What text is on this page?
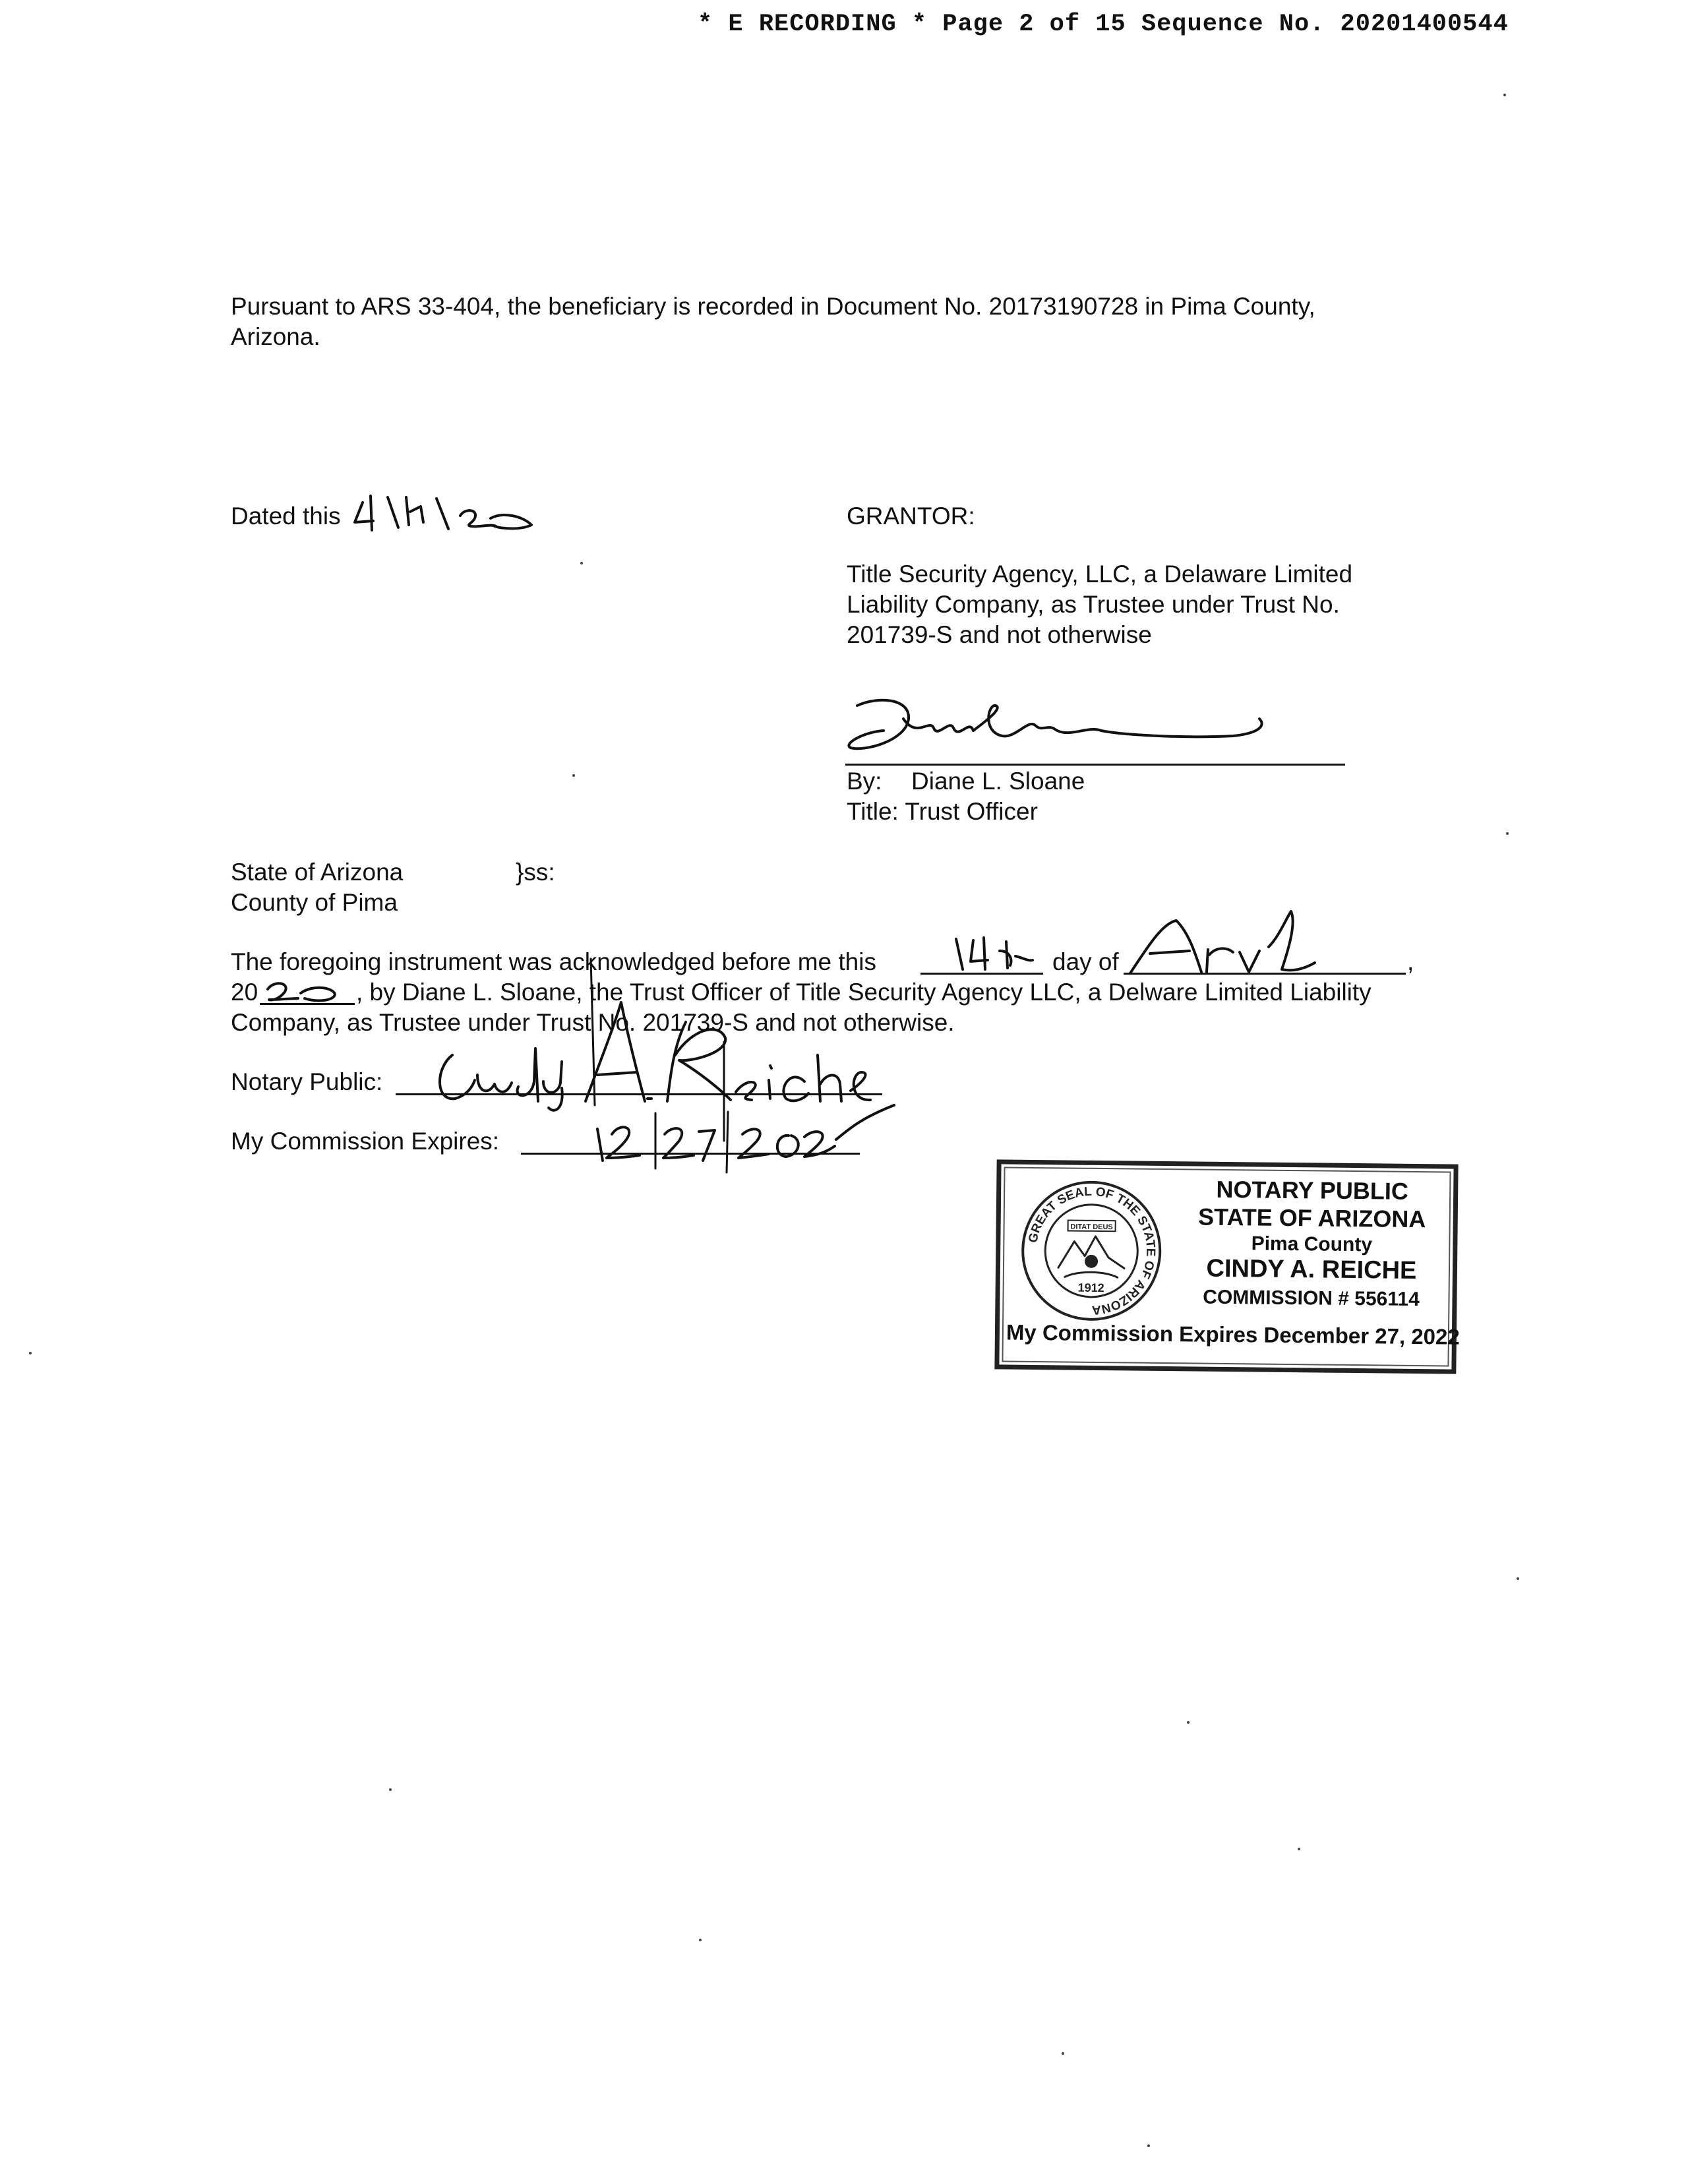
* E RECORDING * Page 2 of 15 Sequence No. 20201400544
Pursuant to ARS 33-404, the beneficiary is recorded in Document No. 20173190728 in Pima County,
Arizona.
Dated this	GRANTOR:
Title Security Agency, LLC, a Delaware Limited
Liability Company, as Trustee under Trust No.
201739-S and not otherwise
By: Diane L. Sloane
Title: Trust Officer
State of Arizona	}ss:
County of Pima
The foregoing instrument was acknowledged before me this	day of	,
20	, by Diane L. Sloane, the Trust Officer of Title Security Agency LLC, a Delware Limited Liability
Company, as Trustee under Trust No. 201739-S and not otherwise.
Notary Public:
My Commission Expires:
GREAT SEAL OF THE STATE OF ARIZONA
DITAT DEUS
1912
NOTARY PUBLIC
STATE OF ARIZONA
Pima County
CINDY A. REICHE
COMMISSION # 556114
My Commission Expires December 27, 2022
